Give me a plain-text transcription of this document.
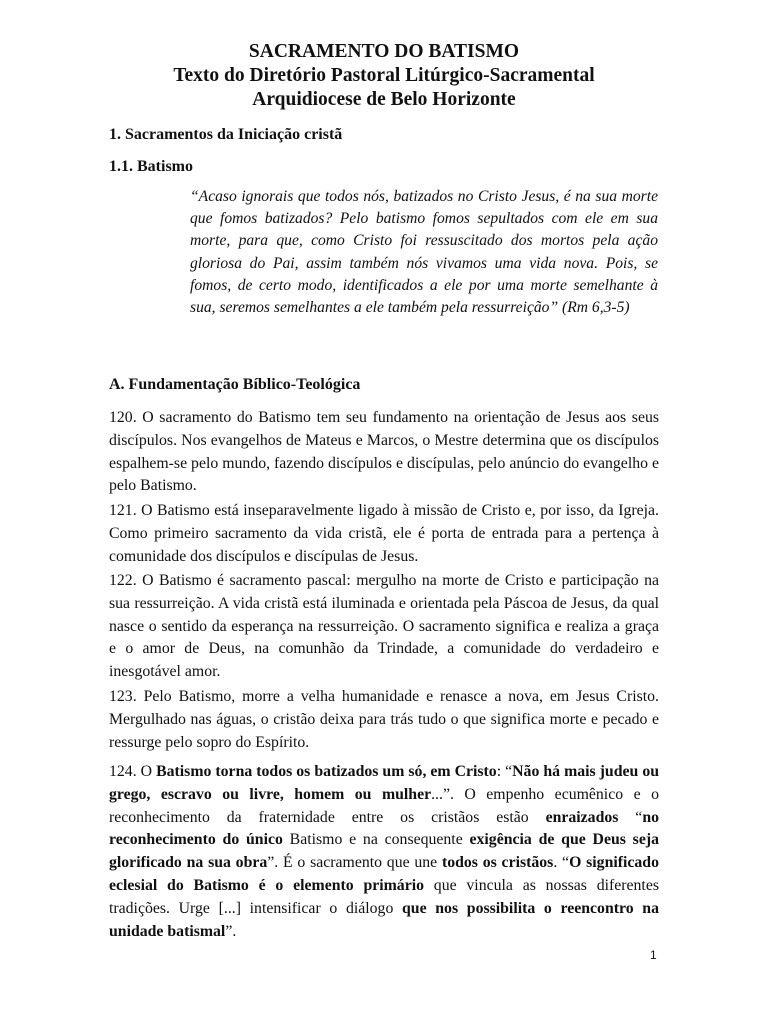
SACRAMENTO DO BATISMO
Texto do Diretório Pastoral Litúrgico-Sacramental
Arquidiocese de Belo Horizonte
1. Sacramentos da Iniciação cristã
1.1. Batismo
“Acaso ignorais que todos nós, batizados no Cristo Jesus, é na sua morte que fomos batizados? Pelo batismo fomos sepultados com ele em sua morte, para que, como Cristo foi ressuscitado dos mortos pela ação gloriosa do Pai, assim também nós vivamos uma vida nova. Pois, se fomos, de certo modo, identificados a ele por uma morte semelhante à sua, seremos semelhantes a ele também pela ressurreição” (Rm 6,3-5)
A. Fundamentação Bíblico-Teológica
120. O sacramento do Batismo tem seu fundamento na orientação de Jesus aos seus discípulos. Nos evangelhos de Mateus e Marcos, o Mestre determina que os discípulos espalhem-se pelo mundo, fazendo discípulos e discípulas, pelo anúncio do evangelho e pelo Batismo.
121. O Batismo está inseparavelmente ligado à missão de Cristo e, por isso, da Igreja. Como primeiro sacramento da vida cristã, ele é porta de entrada para a pertença à comunidade dos discípulos e discípulas de Jesus.
122. O Batismo é sacramento pascal: mergulho na morte de Cristo e participação na sua ressurreição. A vida cristã está iluminada e orientada pela Páscoa de Jesus, da qual nasce o sentido da esperança na ressurreição. O sacramento significa e realiza a graça e o amor de Deus, na comunhão da Trindade, a comunidade do verdadeiro e inesgotável amor.
123. Pelo Batismo, morre a velha humanidade e renasce a nova, em Jesus Cristo. Mergulhado nas águas, o cristão deixa para trás tudo o que significa morte e pecado e ressurge pelo sopro do Espírito.
124. O Batismo torna todos os batizados um só, em Cristo: “Não há mais judeu ou grego, escravo ou livre, homem ou mulher...”. O empenho ecumênico e o reconhecimento da fraternidade entre os cristãos estão enraizados “no reconhecimento do único Batismo e na consequente exigência de que Deus seja glorificado na sua obra”. É o sacramento que une todos os cristãos. “O significado eclesial do Batismo é o elemento primário que vincula as nossas diferentes tradições. Urge [...] intensificar o diálogo que nos possibilita o reencontro na unidade batismal”.
1
